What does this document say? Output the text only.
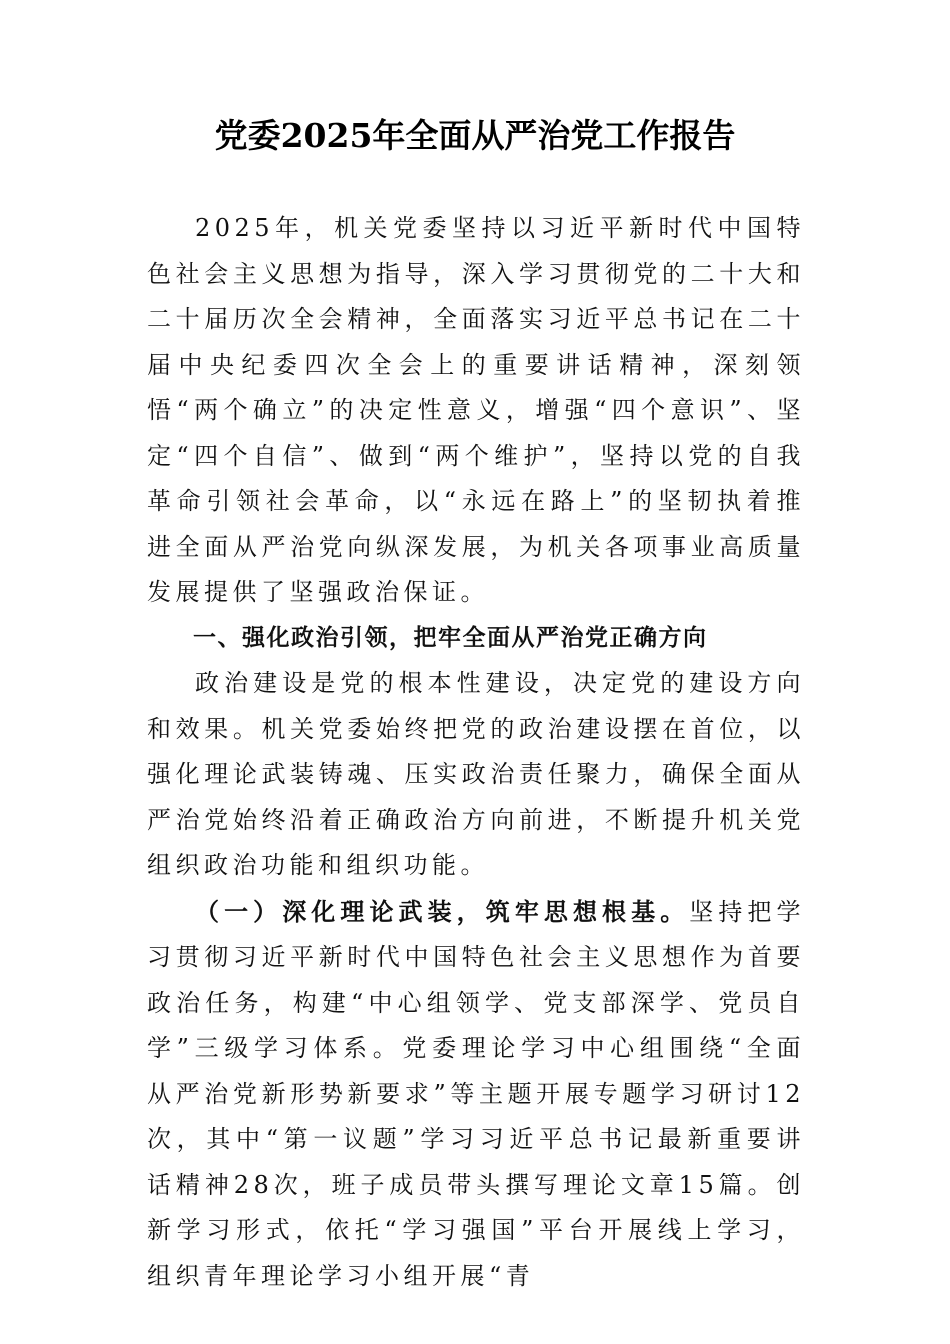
党委2025年全面从严治党工作报告

2025年，机关党委坚持以习近平新时代中国特色社会主义思想为指导，深入学习贯彻党的二十大和二十届历次全会精神，全面落实习近平总书记在二十届中央纪委四次全会上的重要讲话精神，深刻领悟“两个确立”的决定性意义，增强“四个意识”、坚定“四个自信”、做到“两个维护”，坚持以党的自我革命引领社会革命，以“永远在路上”的坚韧执着推进全面从严治党向纵深发展，为机关各项事业高质量发展提供了坚强政治保证。

一、强化政治引领，把牢全面从严治党正确方向

政治建设是党的根本性建设，决定党的建设方向和效果。机关党委始终把党的政治建设摆在首位，以强化理论武装铸魂、压实政治责任聚力，确保全面从严治党始终沿着正确政治方向前进，不断提升机关党组织政治功能和组织功能。

（一）深化理论武装，筑牢思想根基。坚持把学习贯彻习近平新时代中国特色社会主义思想作为首要政治任务，构建“中心组领学、党支部深学、党员自学”三级学习体系。党委理论学习中心组围绕“全面从严治党新形势新要求”等主题开展专题学习研讨12次，其中“第一议题”学习习近平总书记最新重要讲话精神28次，班子成员带头撰写理论文章15篇。创新学习形式，依托“学习强国”平台开展线上学习，组织青年理论学习小组开展“青
